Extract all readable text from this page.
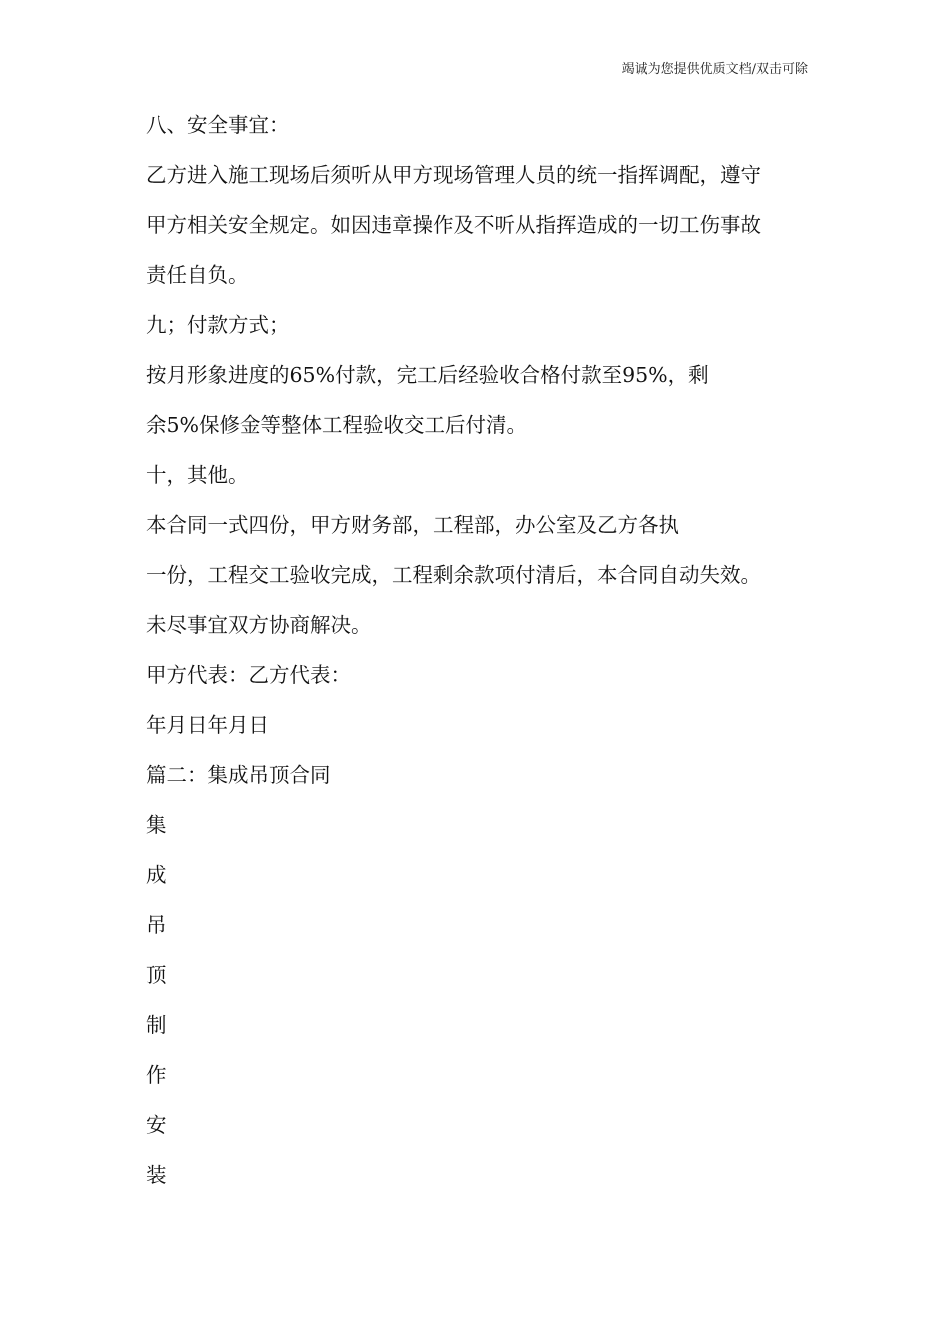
竭诚为您提供优质文档/双击可除
八、安全事宜：
乙方进入施工现场后须听从甲方现场管理人员的统一指挥调配，遵守
甲方相关安全规定。如因违章操作及不听从指挥造成的一切工伤事故
责任自负。
九；付款方式；
按月形象进度的65%付款，完工后经验收合格付款至95%，剩
余5%保修金等整体工程验收交工后付清。
十，其他。
本合同一式四份，甲方财务部，工程部，办公室及乙方各执
一份，工程交工验收完成，工程剩余款项付清后，本合同自动失效。
未尽事宜双方协商解决。
甲方代表：乙方代表：
年月日年月日
篇二：集成吊顶合同
集
成
吊
顶
制
作
安
装
